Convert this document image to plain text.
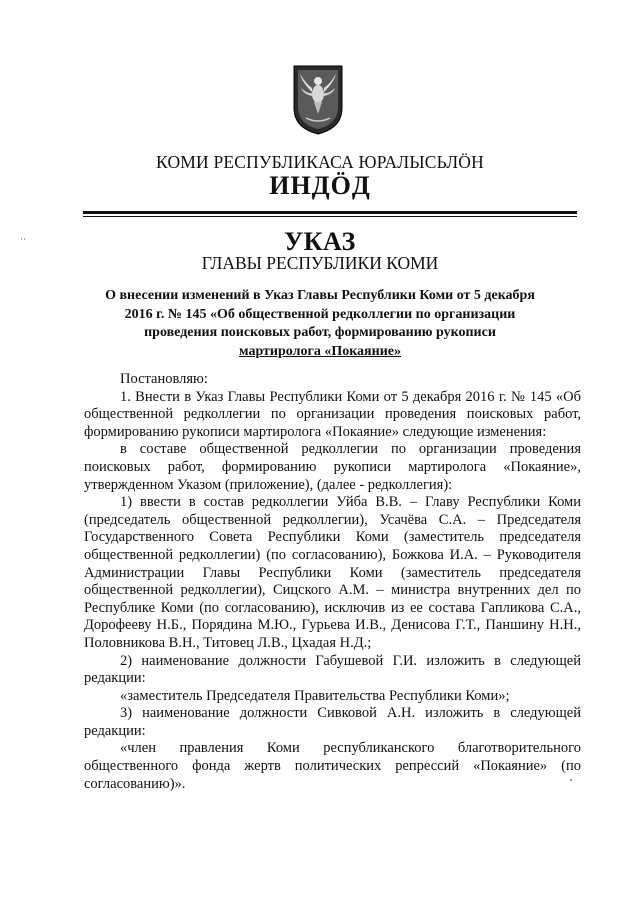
КОМИ РЕСПУБЛИКАСА ЮРАЛЫСЬЛӦН
ИНДӦД
··	УКАЗ
ГЛАВЫ РЕСПУБЛИКИ КОМИ
О внесении изменений в Указ Главы Республики Коми от 5 декабря
2016 г. № 145 «Об общественной редколлегии по организации
проведения поисковых работ, формированию рукописи
мартиролога «Покаяние»

Постановляю:

1. Внести в Указ Главы Республики Коми от 5 декабря 2016 г. № 145 «Об общественной редколлегии по организации проведения поисковых работ, формированию рукописи мартиролога «Покаяние» следующие изменения:

в составе общественной редколлегии по организации проведения поисковых работ, формированию рукописи мартиролога «Покаяние», утвержденном Указом (приложение), (далее - редколлегия):

1) ввести в состав редколлегии Уйба В.В. – Главу Республики Коми (председатель общественной редколлегии), Усачёва С.А. – Председателя Государственного Совета Республики Коми (заместитель председателя общественной редколлегии) (по согласованию), Божкова И.А. – Руководителя Администрации Главы Республики Коми (заместитель председателя общественной редколлегии), Сицского А.М. – министра внутренних дел по Республике Коми (по согласованию), исключив из ее состава Гапликова С.А., Дорофееву Н.Б., Порядина М.Ю., Гурьева И.В., Денисова Г.Т., Паншину Н.Н., Половникова В.Н., Титовец Л.В., Цхадая Н.Д.;

2) наименование должности Габушевой Г.И. изложить в следующей редакции:

«заместитель Председателя Правительства Республики Коми»;

3) наименование должности Сивковой А.Н. изложить в следующей редакции:

«член правления Коми республиканского благотворительного общественного фонда жертв политических репрессий «Покаяние» (по согласованию)».
